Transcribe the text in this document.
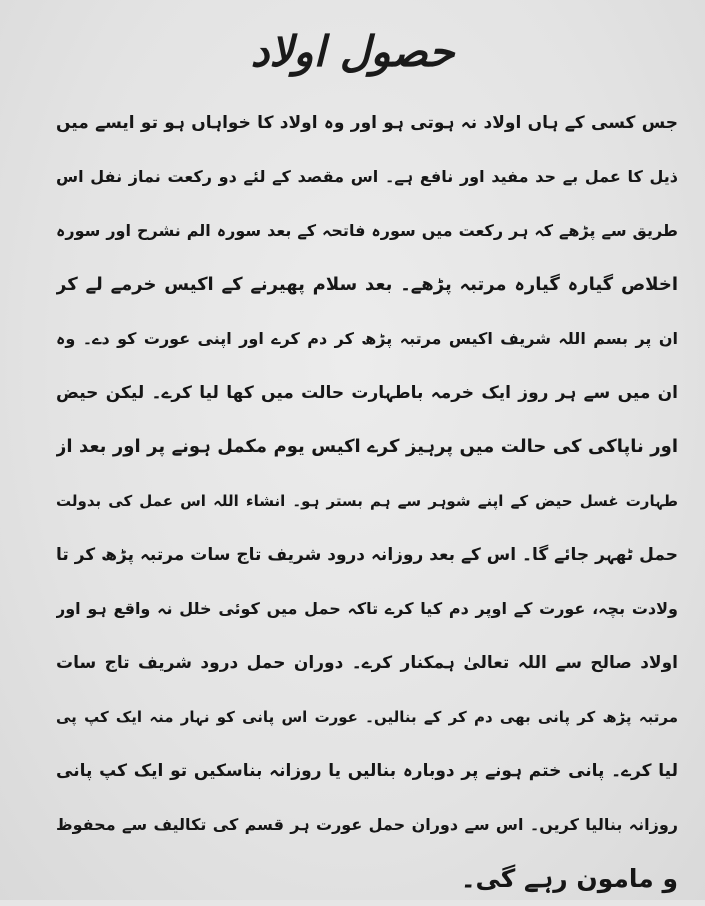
حصول اولاد
جس کسی کے ہاں اولاد نہ ہوتی ہو اور وہ اولاد کا خواہاں ہو تو ایسے میں
ذیل کا عمل بے حد مفید اور نافع ہے۔ اس مقصد کے لئے دو رکعت نماز نفل اس
طریق سے پڑھے کہ ہر رکعت میں سورہ فاتحہ کے بعد سورہ الم نشرح اور سورہ
اخلاص گیارہ گیارہ مرتبہ پڑھے۔ بعد سلام پھیرنے کے اکیس خرمے لے کر
ان پر بسم اللہ شریف اکیس مرتبہ پڑھ کر دم کرے اور اپنی عورت کو دے۔ وہ
ان میں سے ہر روز ایک خرمہ باطہارت حالت میں کھا لیا کرے۔ لیکن حیض
اور ناپاکی کی حالت میں پرہیز کرے اکیس یوم مکمل ہونے پر اور بعد از
طہارت غسل حیض کے اپنے شوہر سے ہم بستر ہو۔ انشاء اللہ اس عمل کی بدولت
حمل ٹھہر جائے گا۔ اس کے بعد روزانہ درود شریف تاج سات مرتبہ پڑھ کر تا
ولادت بچہ، عورت کے اوپر دم کیا کرے تاکہ حمل میں کوئی خلل نہ واقع ہو اور
اولاد صالح سے اللہ تعالیٰ ہمکنار کرے۔ دوران حمل درود شریف تاج سات
مرتبہ پڑھ کر پانی بھی دم کر کے بنالیں۔ عورت اس پانی کو نہار منہ ایک کپ پی
لیا کرے۔ پانی ختم ہونے پر دوبارہ بنالیں یا روزانہ بناسکیں تو ایک کپ پانی
روزانہ بنالیا کریں۔ اس سے دوران حمل عورت ہر قسم کی تکالیف سے محفوظ
و مامون رہے گی۔
